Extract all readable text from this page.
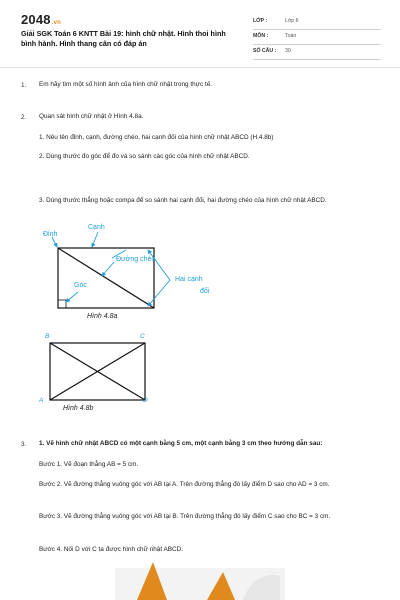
2048.vn
Giải SGK Toán 6 KNTT Bài 19: hình chữ nhật. Hình thoi hình bình hành. Hình thang cân có đáp án
LỚP :	Lớp 6
MÔN :	Toán
SỐ CÂU : 30
1. Em hãy tìm một số hình ảnh của hình chữ nhật trong thực tế.
2. Quan sát hình chữ nhật ở Hình 4.8a.
1. Nêu tên đỉnh, cạnh, đường chéo, hai cạnh đối của hình chữ nhật ABCD (H.4.8b)
2. Dùng thước đo góc để đo và so sánh các góc của hình chữ nhật ABCD.
3. Dùng thước thẳng hoặc compa để so sánh hai cạnh đối, hai đường chéo của hình chữ nhật ABCD.
Đỉnh
Cạnh
Đường chéo
Góc
Hai cạnh
đối
Hình 4.8a
B	C
A	D
Hình 4.8b
3. 1. Vẽ hình chữ nhật ABCD có một cạnh bằng 5 cm, một cạnh bằng 3 cm theo hướng dẫn sau:
Bước 1. Vẽ đoạn thẳng AB = 5 cm.
Bước 2. Vẽ đường thẳng vuông góc với AB tại A. Trên đường thẳng đó lấy điểm D sao cho AD = 3 cm.
Bước 3. Vẽ đường thẳng vuông góc với AB tại B. Trên đường thẳng đó lấy điểm C sao cho BC = 3 cm.
Bước 4. Nối D với C ta được hình chữ nhật ABCD.
